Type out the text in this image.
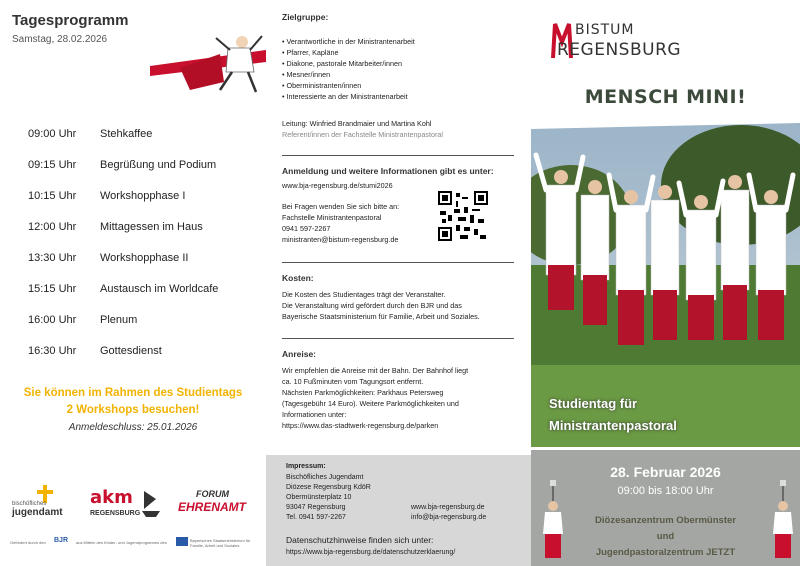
Tagesprogramm
Samstag, 28.02.2026
09:00 Uhr	Stehkaffee
09:15 Uhr	Begrüßung und Podium
10:15 Uhr	Workshopphase I
12:00 Uhr	Mittagessen im Haus
13:30 Uhr	Workshopphase II
15:15 Uhr	Austausch im Worldcafe
16:00 Uhr	Plenum
16:30 Uhr	Gottesdienst
Sie können im Rahmen des Studientags
2 Workshops besuchen!
Anmeldeschluss: 25.01.2026
bischöfliches
jugendamt
akm
REGENSBURG
FORUM
EHRENAMT
Gefördert durch den BJR aus Mitteln des Kinder- und Jugendprogramms des	Bayerisches Staatsministerium für Familie, Arbeit und Soziales
Zielgruppe:
• Verantwortliche in der Ministrantenarbeit
• Pfarrer, Kapläne
• Diakone, pastorale Mitarbeiter/innen
• Mesner/innen
• Oberministranten/innen
• Interessierte an der Ministrantenarbeit
Leitung: Winfried Brandmaier und Martina Kohl
Referent/innen der Fachstelle Ministrantenpastoral
Anmeldung und weitere Informationen gibt es unter:
www.bja-regensburg.de/stumi2026
Bei Fragen wenden Sie sich bitte an:
Fachstelle Ministrantenpastoral
0941 597-2267
ministranten@bistum-regensburg.de
Kosten:
Die Kosten des Studientages trägt der Veranstalter.
Die Veranstaltung wird gefördert durch den BJR und das
Bayerische Staatsministerium für Familie, Arbeit und Soziales.
Anreise:
Wir empfehlen die Anreise mit der Bahn. Der Bahnhof liegt
ca. 10 Fußminuten vom Tagungsort entfernt.
Nächsten Parkmöglichkeiten: Parkhaus Petersweg
(Tagesgebühr 14 Euro). Weitere Parkmöglichkeiten und
Informationen unter:
https://www.das-stadtwerk-regensburg.de/parken
Impressum:
Bischöfliches Jugendamt
Diözese Regensburg KdöR
Obermünsterplatz 10
93047 Regensburg
Tel. 0941 597-2267
www.bja-regensburg.de
info@bja-regensburg.de
Datenschutzhinweise finden sich unter:
https://www.bja-regensburg.de/datenschutzerklaerung/
BISTUM
REGENSBURG
MENSCH MINI!
Studientag für
Ministrantenpastoral
28. Februar 2026
09:00 bis 18:00 Uhr
Diözesanzentrum Obermünster
und
Jugendpastoralzentrum JETZT
